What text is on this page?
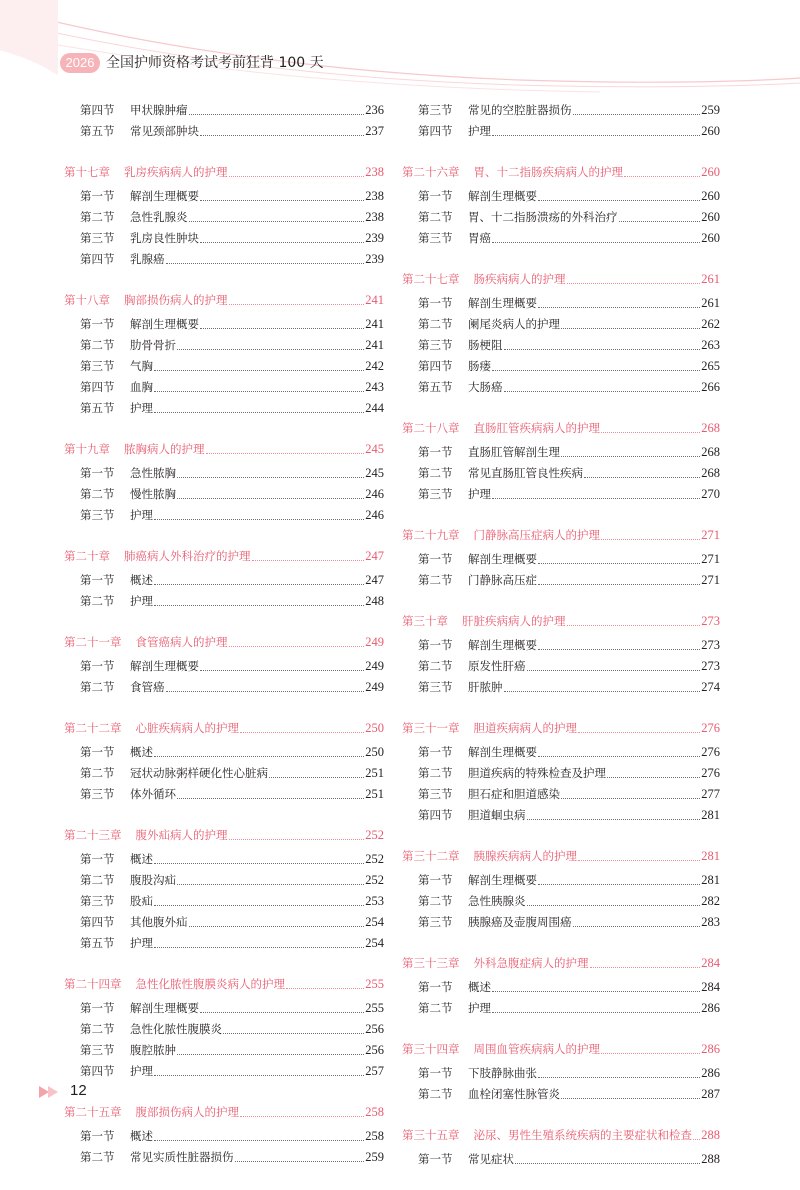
2026 全国护师资格考试考前狂背 100 天
第四节 甲状腺肿瘤	236
第五节 常见颈部肿块	237
第十七章 乳房疾病病人的护理	238
第一节 解剖生理概要	238
第二节 急性乳腺炎	238
第三节 乳房良性肿块	239
第四节 乳腺癌	239
第十八章 胸部损伤病人的护理	241
第一节 解剖生理概要	241
第二节 肋骨骨折	241
第三节 气胸	242
第四节 血胸	243
第五节 护理	244
第十九章 脓胸病人的护理	245
第一节 急性脓胸	245
第二节 慢性脓胸	246
第三节 护理	246
第二十章 肺癌病人外科治疗的护理	247
第一节 概述	247
第二节 护理	248
第二十一章 食管癌病人的护理	249
第一节 解剖生理概要	249
第二节 食管癌	249
第二十二章 心脏疾病病人的护理	250
第一节 概述	250
第二节 冠状动脉粥样硬化性心脏病	251
第三节 体外循环	251
第二十三章 腹外疝病人的护理	252
第一节 概述	252
第二节 腹股沟疝	252
第三节 股疝	253
第四节 其他腹外疝	254
第五节 护理	254
第二十四章 急性化脓性腹膜炎病人的护理	255
第一节 解剖生理概要	255
第二节 急性化脓性腹膜炎	256
第三节 腹腔脓肿	256
第四节 护理	257
第二十五章 腹部损伤病人的护理	258
第一节 概述	258
第二节 常见实质性脏器损伤	259
第三节 常见的空腔脏器损伤	259
第四节 护理	260
第二十六章 胃、十二指肠疾病病人的护理	260
第一节 解剖生理概要	260
第二节 胃、十二指肠溃疡的外科治疗	260
第三节 胃癌	260
第二十七章 肠疾病病人的护理	261
第一节 解剖生理概要	261
第二节 阑尾炎病人的护理	262
第三节 肠梗阻	263
第四节 肠瘘	265
第五节 大肠癌	266
第二十八章 直肠肛管疾病病人的护理	268
第一节 直肠肛管解剖生理	268
第二节 常见直肠肛管良性疾病	268
第三节 护理	270
第二十九章 门静脉高压症病人的护理	271
第一节 解剖生理概要	271
第二节 门静脉高压症	271
第三十章 肝脏疾病病人的护理	273
第一节 解剖生理概要	273
第二节 原发性肝癌	273
第三节 肝脓肿	274
第三十一章 胆道疾病病人的护理	276
第一节 解剖生理概要	276
第二节 胆道疾病的特殊检查及护理	276
第三节 胆石症和胆道感染	277
第四节 胆道蛔虫病	281
第三十二章 胰腺疾病病人的护理	281
第一节 解剖生理概要	281
第二节 急性胰腺炎	282
第三节 胰腺癌及壶腹周围癌	283
第三十三章 外科急腹症病人的护理	284
第一节 概述	284
第二节 护理	286
第三十四章 周围血管疾病病人的护理	286
第一节 下肢静脉曲张	286
第二节 血栓闭塞性脉管炎	287
第三十五章 泌尿、男性生殖系统疾病的主要症状和检查 288
第一节 常见症状	288
12
